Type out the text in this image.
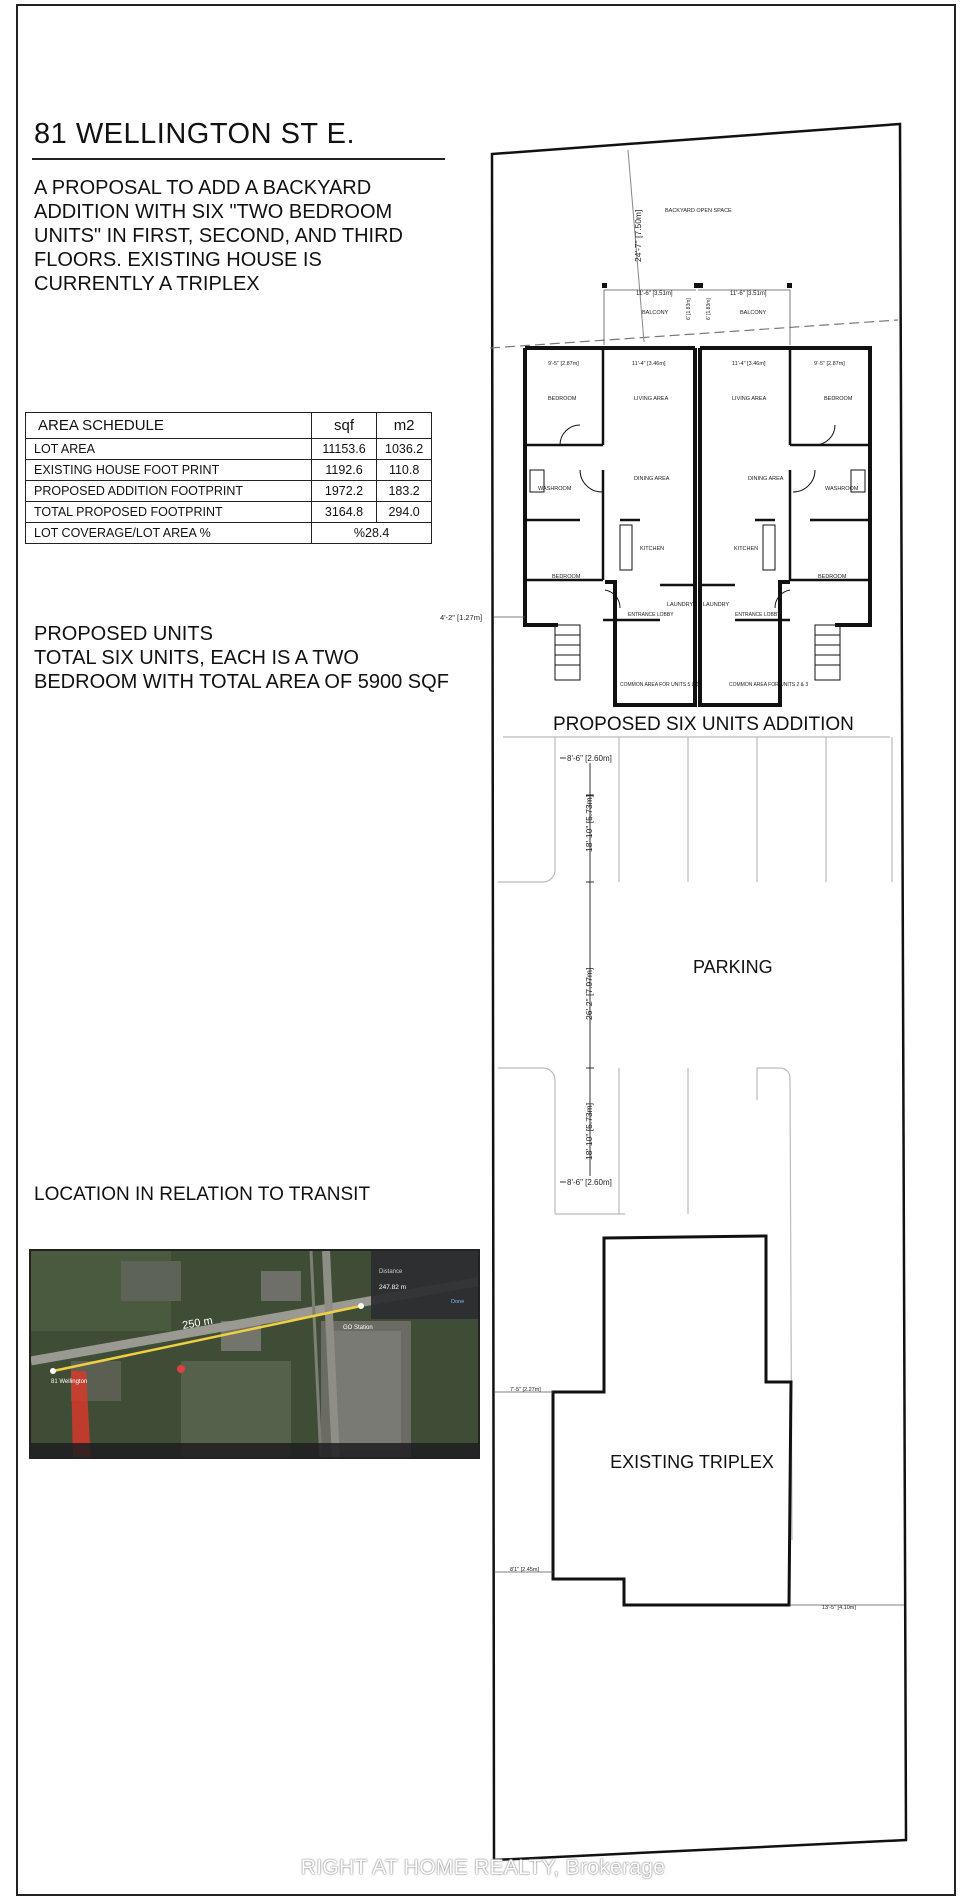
81 WELLINGTON ST E.
A PROPOSAL TO ADD A BACKYARD ADDITION WITH SIX "TWO BEDROOM UNITS" IN FIRST, SECOND, AND THIRD FLOORS. EXISTING HOUSE IS CURRENTLY A TRIPLEX
AREA SCHEDULE	sqf	m2
LOT AREA	11153.6	1036.2
EXISTING HOUSE FOOT PRINT	1192.6	110.8
PROPOSED ADDITION FOOTPRINT	1972.2	183.2
TOTAL PROPOSED FOOTPRINT	3164.8	294.0
LOT COVERAGE/LOT AREA %	%28.4	
PROPOSED UNITS
TOTAL SIX UNITS, EACH IS A TWO BEDROOM WITH TOTAL AREA OF 5900 SQF
LOCATION IN RELATION TO TRANSIT
250 m
81 Wellington
GO Station
Distance
247.82 m
Done
24'-7" [7.50m]	BACKYARD OPEN SPACE
11'-6" [3.51m]	11'-6" [3.51m]
BALCONY	BALCONY
6' [1.83m]	6' [1.83m]
9'-5" [2.87m]	11'-4" [3.46m]	11'-4" [3.46m]	9'-5" [2.87m]
BEDROOM	LIVING AREA	LIVING AREA	BEDROOM
WASHROOM
DINING AREA	DINING AREA
WASHROOM
KITCHEN	KITCHEN
BEDROOM	BEDROOM
LAUNDRY LAUNDRY
ENTRANCE LOBBY	ENTRANCE LOBBY
COMMON AREA FOR UNITS 5 & 6	COMMON AREA FOR UNITS 2 & 3
4'-2" [1.27m]
PROPOSED SIX UNITS ADDITION
8'-6" [2.60m]
18'-10" [5.73m]
26'-2" [7.97m]
18'-10" [5.73m]
8'-6" [2.60m]
PARKING
EXISTING TRIPLEX
7'-5" [2.27m]
8'1" [2.45m]
13'-5" [4.10m]
RIGHT AT HOME REALTY, Brokerage
